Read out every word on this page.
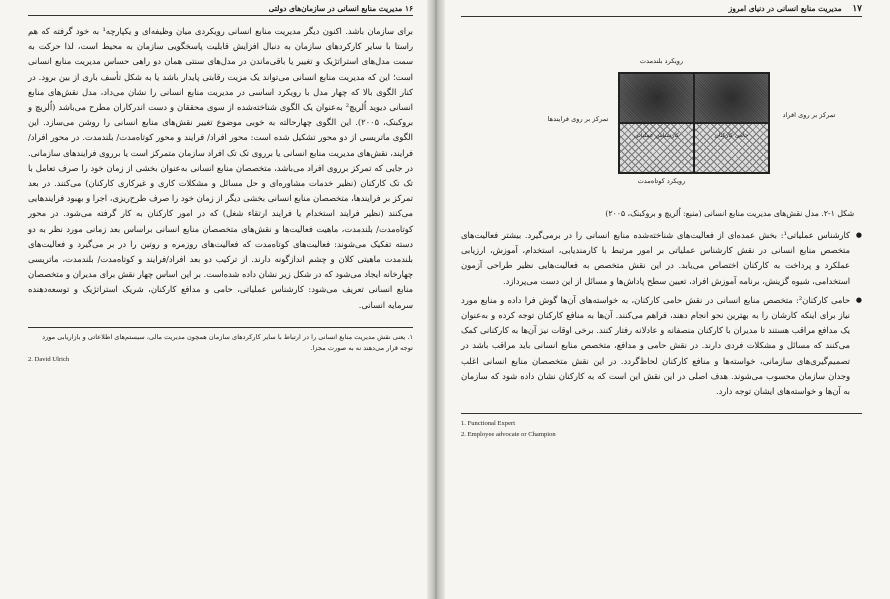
۱۶ مدیریت منابع انسانی در سازمان‌های دولتی

برای سازمان باشد. اکنون دیگر مدیریت منابع انسانی رویکردی میان وظیفه‌ای و یکپارچه¹ به خود گرفته که هم راستا با سایر کارکردهای سازمان به دنبال افزایش قابلیت پاسخگویی سازمان به محیط است، لذا حرکت به سمت مدل‌های استراتژیک و تغییر یا باقی‌ماندن در مدل‌های سنتی همان دو راهی حساس مدیریت منابع انسانی است؛ این که مدیریت منابع انسانی می‌تواند یک مزیت رقابتی پایدار باشد یا به شکل تأسف باری از بین برود. در کنار الگوی بالا که چهار مدل با رویکرد اساسی در مدیریت منابع انسانی را نشان می‌داد، مدل نقش‌های منابع انسانی دیوید اُلریچ² به‌عنوان یک الگوی شناخته‌شده از سوی محققان و دست اندرکاران مطرح می‌باشد (اُلریچ و بروکبنک، ۲۰۰۵). این الگوی چهارحالته به خوبی موضوع تغییر نقش‌های منابع انسانی را روشن می‌سازد. این الگوی ماتریسی از دو محور تشکیل شده است: محور افراد/ فرایند و محور کوتاه‌مدت/ بلندمدت. در محور افراد/ فرایند، نقش‌های مدیریت منابع انسانی یا برروی تک تک افراد سازمان متمرکز است یا برروی فرایندهای سازمانی. در جایی که تمرکز برروی افراد می‌باشد، متخصصان منابع انسانی به‌عنوان بخشی از زمان خود را صرف تعامل با تک تک کارکنان (نظیر خدمات مشاوره‌ای و حل مسائل و مشکلات کاری و غیرکاری کارکنان) می‌کنند. در بعد تمرکز بر فرایندها، متخصصان منابع انسانی بخشی دیگر از زمان خود را صرف طرح‌ریزی، اجرا و بهبود فرایندهایی می‌کنند (نظیر فرایند استخدام یا فرایند ارتقاء شغل) که در امور کارکنان به کار گرفته می‌شود. در محور کوتاه‌مدت/ بلندمدت، ماهیت فعالیت‌ها و نقش‌های متخصصان منابع انسانی براساس بعد زمانی مورد نظر به دو دسته تفکیک می‌شوند: فعالیت‌های کوتاه‌مدت که فعالیت‌های روزمره و روتین را در بر می‌گیرد و فعالیت‌های بلندمدت ماهیتی کلان و چشم اندازگونه دارند. از ترکیب دو بعد افراد/فرایند و کوتاه‌مدت/ بلندمدت، ماتریسی چهارخانه ایجاد می‌شود که در شکل زیر نشان داده شده‌است. بر این اساس چهار نقش برای مدیران و متخصصان منابع انسانی تعریف می‌شود: کارشناس عملیاتی، حامی و مدافع کارکنان، شریک استراتژیک و توسعه‌دهنده سرمایه انسانی.

۱. یعنی نقش مدیریت منابع انسانی را در ارتباط با سایر کارکردهای سازمان همچون مدیریت مالی، سیستم‌های اطلاعاتی و بازاریابی مورد توجه قرار می‌دهند نه به صورت مجزا.

2. David Ulrich

۱۷ مدیریت منابع انسانی در دنیای امروز
رویکرد بلندمدت
کارشناس عملیاتی	حامی کارکنان
تمرکز بر روی افراد
تمرکز بر روی فرایندها
رویکرد کوتاه‌مدت

شکل ۱-۲. مدل نقش‌های مدیریت منابع انسانی (منبع: اُلریچ و بروکبنک، ۲۰۰۵)

● کارشناس عملیاتی¹: بخش عمده‌ای از فعالیت‌های شناخته‌شده منابع انسانی را در برمی‌گیرد. بیشتر فعالیت‌های متخصص منابع انسانی در نقش کارشناس عملیاتی بر امور مرتبط با کارمندیابی، استخدام، آموزش، ارزیابی عملکرد و پرداخت به کارکنان اختصاص می‌یابد. در این نقش متخصص به فعالیت‌هایی نظیر طراحی آزمون استخدامی، شیوه گزینش، برنامه آموزش افراد، تعیین سطح پاداش‌ها و مسائل از این دست می‌پردازد.

● حامی کارکنان²: متخصص منابع انسانی در نقش حامی کارکنان، به خواسته‌های آن‌ها گوش فرا داده و منابع مورد نیاز برای اینکه کارشان را به بهترین نحو انجام دهند، فراهم می‌کنند. آن‌ها به منافع کارکنان توجه کرده و به‌عنوان یک مدافع مراقب هستند تا مدیران با کارکنان منصفانه و عادلانه رفتار کنند. برخی اوقات نیز آن‌ها به کارکنانی کمک می‌کنند که مسائل و مشکلات فردی دارند. در نقش حامی و مدافع، متخصص منابع انسانی باید مراقب باشد در تصمیم‌گیری‌های سازمانی، خواسته‌ها و منافع کارکنان لحاظ‌گردد. در این نقش متخصصان منابع انسانی اغلب وجدان سازمان محسوب می‌شوند. هدف اصلی در این نقش این است که به کارکنان نشان داده شود که سازمان به آن‌ها و خواسته‌های ایشان توجه دارد.

1. Functional Expert

2. Employee advocate or Champion
